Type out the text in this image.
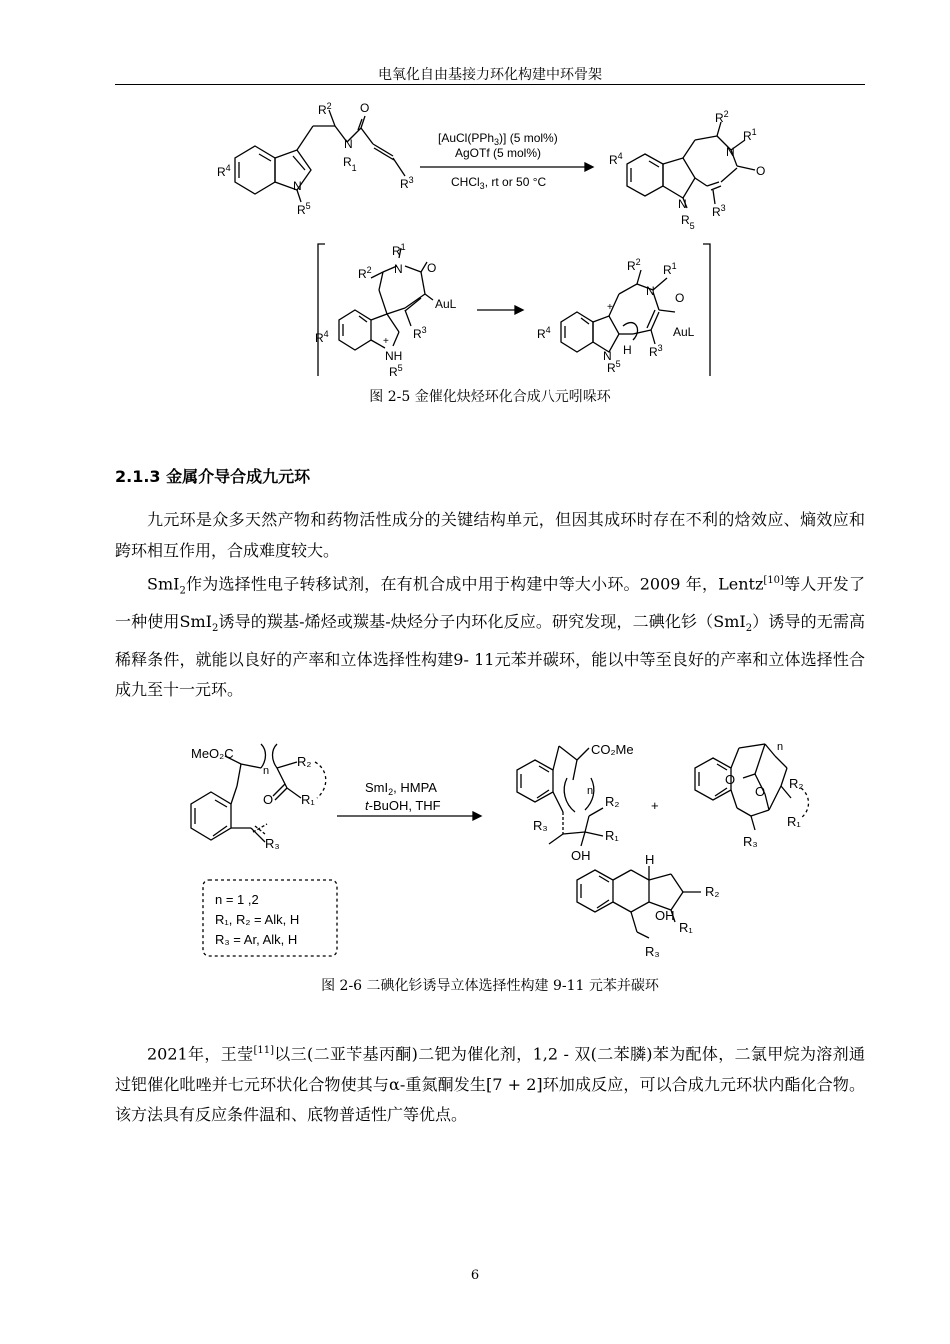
电氧化自由基接力环化构建中环骨架
$R^2$
N
$R_1$
O
$R^3$
N
$R^5$
$R^4$
[AuCl(PPh$_3$)] (5 mol%)
AgOTf (5 mol%)
CHCl$_3$, rt or 50 °C
$R^2$
N
$R^1$
O
$R^3$
N
$R_5$
$R^4$
$R^1$
N O
$R^2$
AuL
$R^3$
+
NH
$R^5$
$R^4$
$R^2$
$R^1$
N O
AuL
$R^3$
+
N H
$R^5$
$R^4$
图 2-5 金催化炔烃环化合成八元吲哚环
2.1.3 金属介导合成九元环

九元环是众多天然产物和药物活性成分的关键结构单元，但因其成环时存在不利的焓效应、熵效应和跨环相互作用，合成难度较大。

SmI$_2$作为选择性电子转移试剂，在有机合成中用于构建中等大小环。2009 年，Lentz[10]等人开发了一种使用SmI$_2$诱导的羰基-烯烃或羰基-炔烃分子内环化反应。研究发现，二碘化钐（SmI$_2$）诱导的无需高稀释条件，就能以良好的产率和立体选择性构建9- 11元苯并碳环，能以中等至良好的产率和立体选择性合成九至十一元环。

MeO₂C
n
R₂
O R₁
R₃
SmI$_2$, HMPA
t-BuOH, THF
n = 1 ,2
R₁, R₂ = Alk, H
R₃ = Ar, Alk, H
CO₂Me
n
R₂
R₁
R₃
OH
+
O
O
n
R₂
R₁
R₃
H
R₂
OH
R₁
R₃
图 2-6 二碘化钐诱导立体选择性构建 9-11 元苯并碳环

2021年，王莹[11]以三(二亚苄基丙酮)二钯为催化剂，1,2 - 双(二苯膦)苯为配体，二氯甲烷为溶剂通过钯催化吡唑并七元环状化合物使其与α-重氮酮发生[7 + 2]环加成反应，可以合成九元环状内酯化合物。该方法具有反应条件温和、底物普适性广等优点。

6
